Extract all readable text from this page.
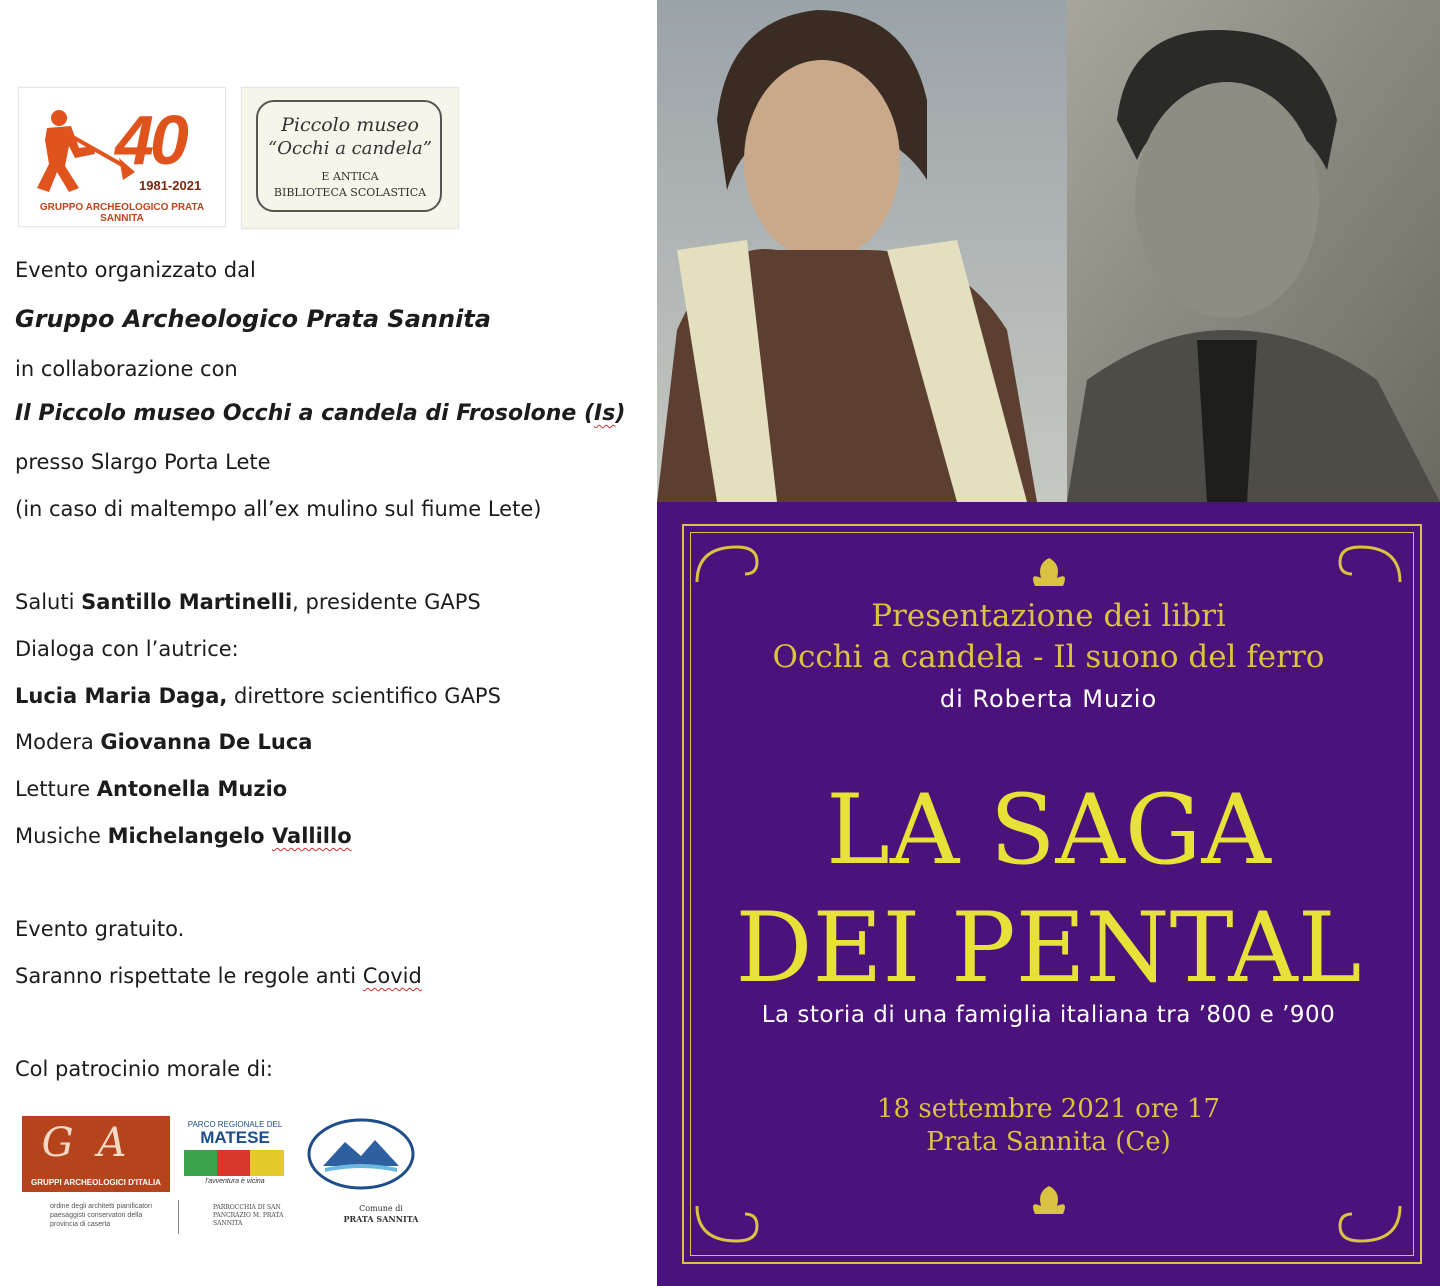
40
1981-2021
GRUPPO ARCHEOLOGICO PRATA SANNITA
Piccolo museo
“Occhi a candela”
E ANTICA
BIBLIOTECA SCOLASTICA
Evento organizzato dal
Gruppo Archeologico Prata Sannita
in collaborazione con
Il Piccolo museo Occhi a candela di Frosolone (Is)
presso Slargo Porta Lete
(in caso di maltempo all’ex mulino sul fiume Lete)
Saluti Santillo Martinelli, presidente GAPS
Dialoga con l’autrice:
Lucia Maria Daga, direttore scientifico GAPS
Modera Giovanna De Luca
Letture Antonella Muzio
Musiche Michelangelo Vallillo
Evento gratuito.
Saranno rispettate le regole anti Covid
Col patrocinio morale di:
GA
GRUPPI ARCHEOLOGICI D'ITALIA
PARCO REGIONALE DEL
MATESE
l'avventura è vicina
ordine degli architetti pianificatori paesaggisti conservatori della provincia di caserta
PARROCCHIA DI SAN PANCRAZIO M. PRATA SANNITA
Comune di
PRATA SANNITA
Presentazione dei libri
Occhi a candela - Il suono del ferro
di Roberta Muzio
LA SAGA
DEI PENTAL
La storia di una famiglia italiana tra ’800 e ’900
18 settembre 2021 ore 17
Prata Sannita (Ce)
